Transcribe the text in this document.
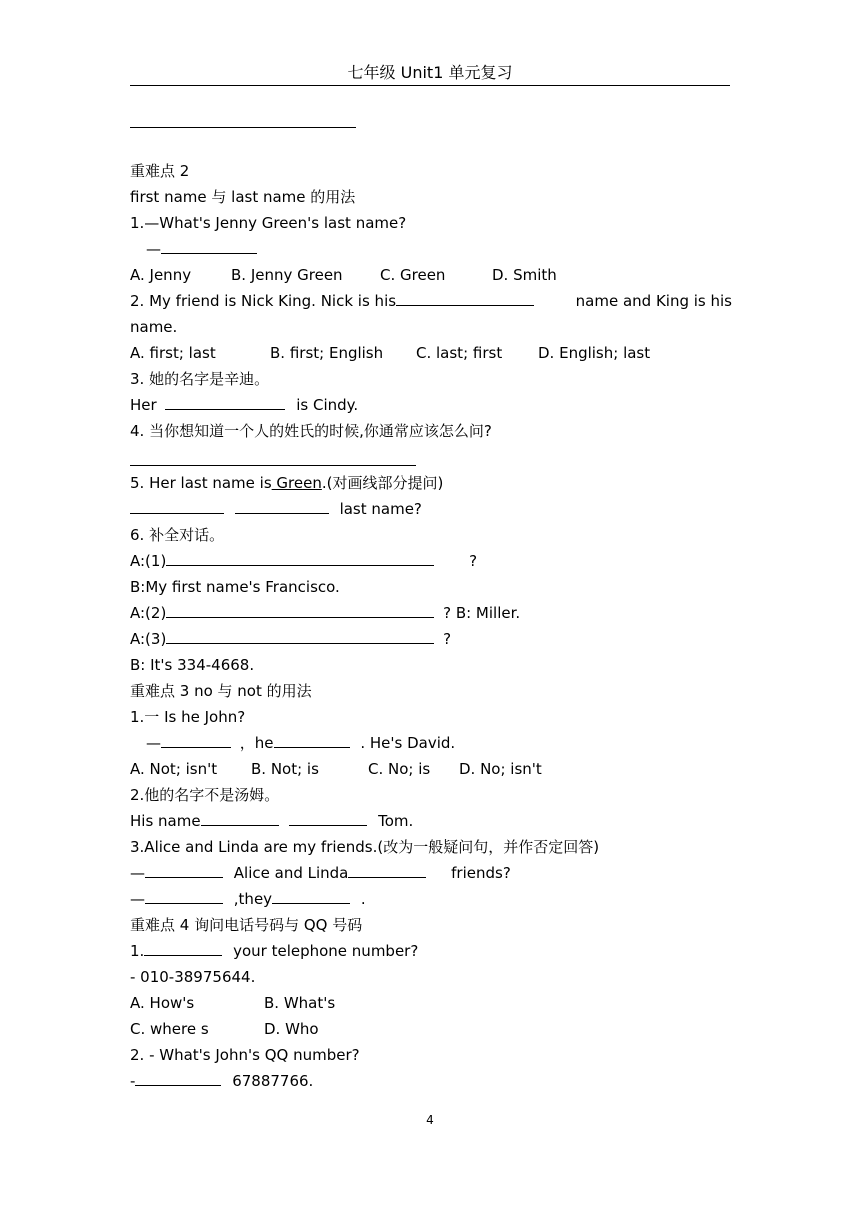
七年级 Unit1 单元复习
重难点 2
first name 与 last name 的用法
1.—What's Jenny Green's last name?
—
A. Jenny	B. Jenny Green C. Green	D. Smith
2. My friend is Nick King. Nick is his	name and King is his
name.
A. first; last	B. first; English C. last; first D. English; last
3. 她的名字是辛迪。
Her	is Cindy.
4. 当你想知道一个人的姓氏的时候,你通常应该怎么问?
5. Her last name is Green.(对画线部分提问)
last name?
6. 补全对话。
A:(1)	?
B:My first name's Francisco.
A:(2)	? B: Miller.
A:(3)	?
B: It's 334-4668.
重难点 3 no 与 not 的用法
1.一 Is he John?
—	，he	. He's David.
A. Not; isn't B. Not; is	C. No; is D. No; isn't
2.他的名字不是汤姆。
His name	Tom.
3.Alice and Linda are my friends.(改为一般疑问句，并作否定回答)
—	Alice and Linda	friends?
—	,they	.
重难点 4 询问电话号码与 QQ 号码
1.	your telephone number?
- 010-38975644.
A. How's	B. What's
C. where s	D. Who
2. - What's John's QQ number?
-	67887766.
4
